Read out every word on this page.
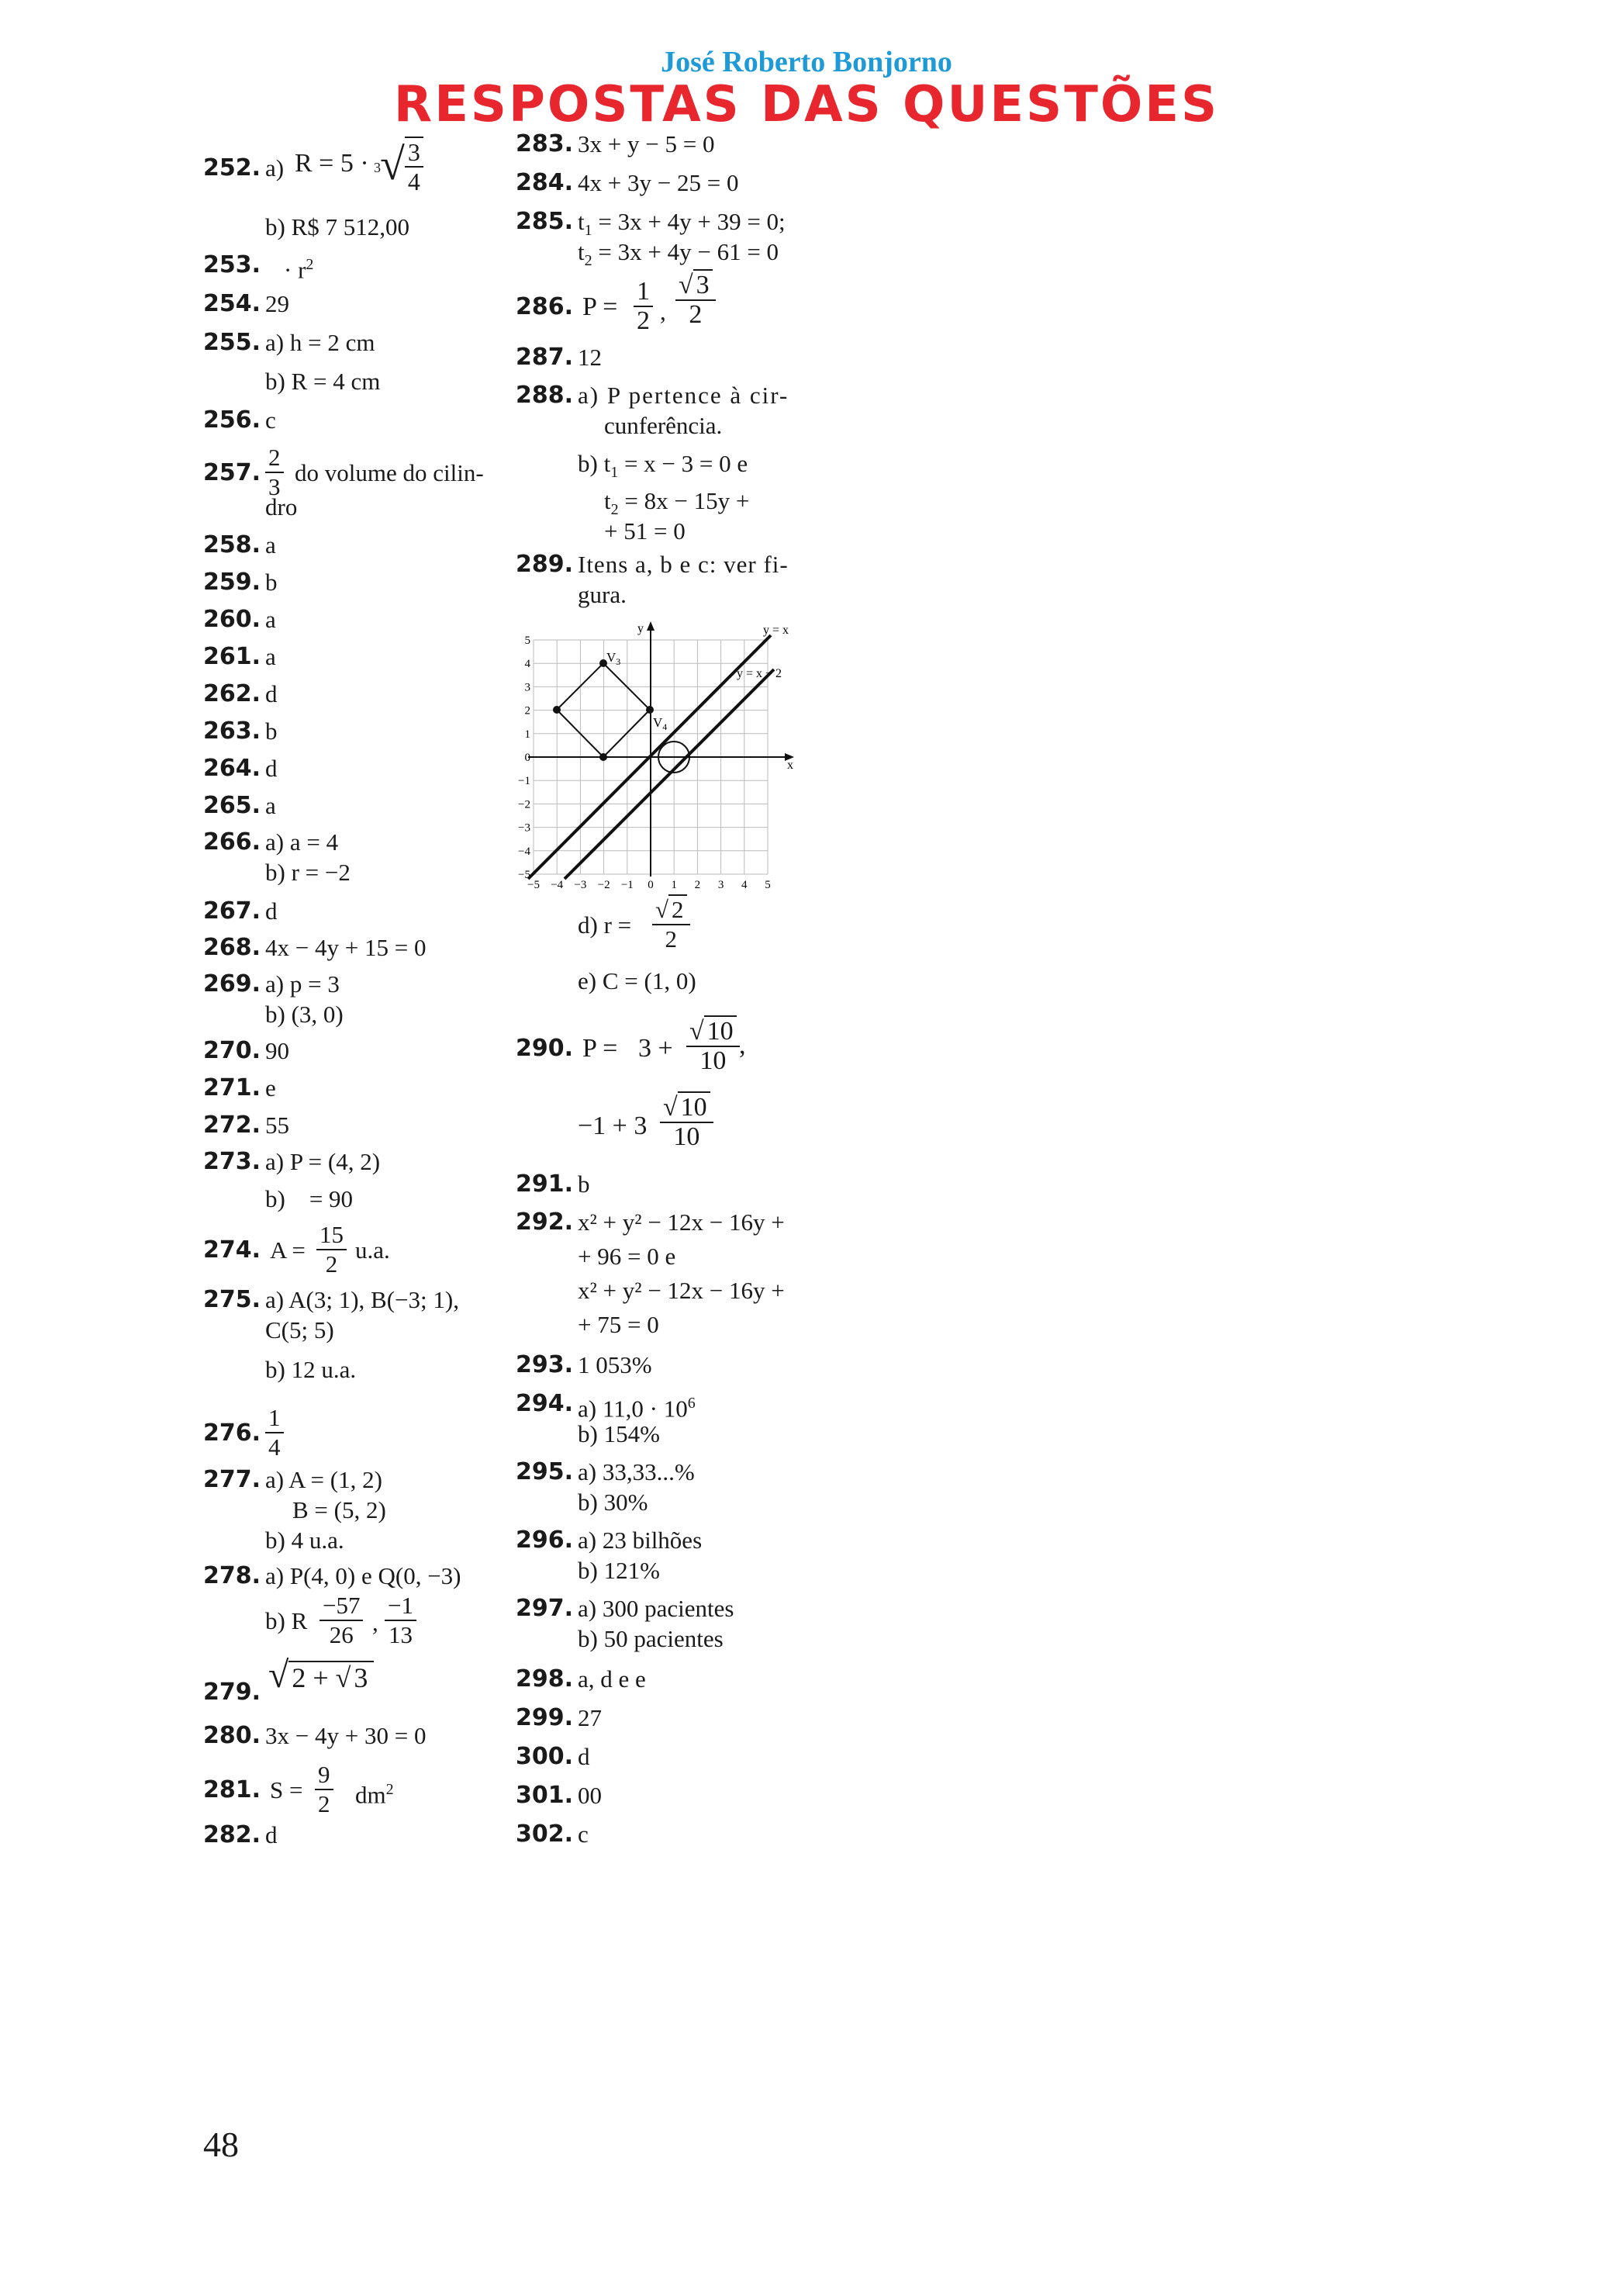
José Roberto Bonjorno
RESPOSTAS DAS QUESTÕES
252. a) R = 5 · 3 √ $\frac{3}{4}$
b) R$ 7 512,00
253. · $r^2$
254. 29
255. a) h = 2 cm
b) R = 4 cm
256. c
257. $\frac{2}{3}$ do volume do cilin-
dro
258. a
259. b
260. a
261. a
262. d
263. b
264. d
265. a
266. a) a = 4
b) r = −2
267. d
268. 4x − 4y + 15 = 0
269. a) p = 3
b) (3, 0)
270. 90
271. e
272. 55
273. a) P = (4, 2)
b)    = 90
274. $A = \frac{15}{2} u.a$.
275. a) A(3; 1), B(−3; 1),
C(5; 5)
b) 12 u.a.
276. $\frac{1}{4}$
277. a) A = (1, 2)
B = (5, 2)
b) 4 u.a.
278. a) P(4, 0) e Q(0, −3)
b) R $\frac{-57}{26}$ , $\frac{-1}{13}$
279. √ 2 + √ 3
280. 3x − 4y + 30 = 0
281. $S = \frac{9}{2} dm^2$
282. d
283. 3x + y − 5 = 0
284. 4x + 3y − 25 = 0
285. $t_1 = 3x + 4y + 39 = 0$;
$t_2 = 3x + 4y - 61 = 0$
286. $P = \frac{1}{2}$ , $\frac{√ 3}{2}$
287. 12
288. a) P pertence à cir-
cunferência.
b) $t_1 = x - 3 = 0$ e
$t_2 = 8x - 15y$ +
+ 51 = 0
289. Itens a, b e c: ver fi-
gura.
x
y
−5 −4 −3 −2 −1 0 1 2 3 4 5
5
4
3
2
1
0
−1
−2
−3
−4
−5
y = x
y = x − 2
$V_3$
$V_4$
d) $r = \frac{√ 2}{2}$
e) C = (1, 0)
290. $P = 3 + \frac{√ 10}{10}$ ,
$-1 + 3 \frac{√ 10}{10}$
291. b
292. x² + y² − 12x − 16y +
+ 96 = 0 e
x² + y² − 12x − 16y +
+ 75 = 0
293. 1 053%
294. a) $11,0 \cdot 10^6$
b) 154%
295. a) 33,33...%
b) 30%
296. a) 23 bilhões
b) 121%
297. a) 300 pacientes
b) 50 pacientes
298. a, d e e
299. 27
300. d
301. 00
302. c
48
